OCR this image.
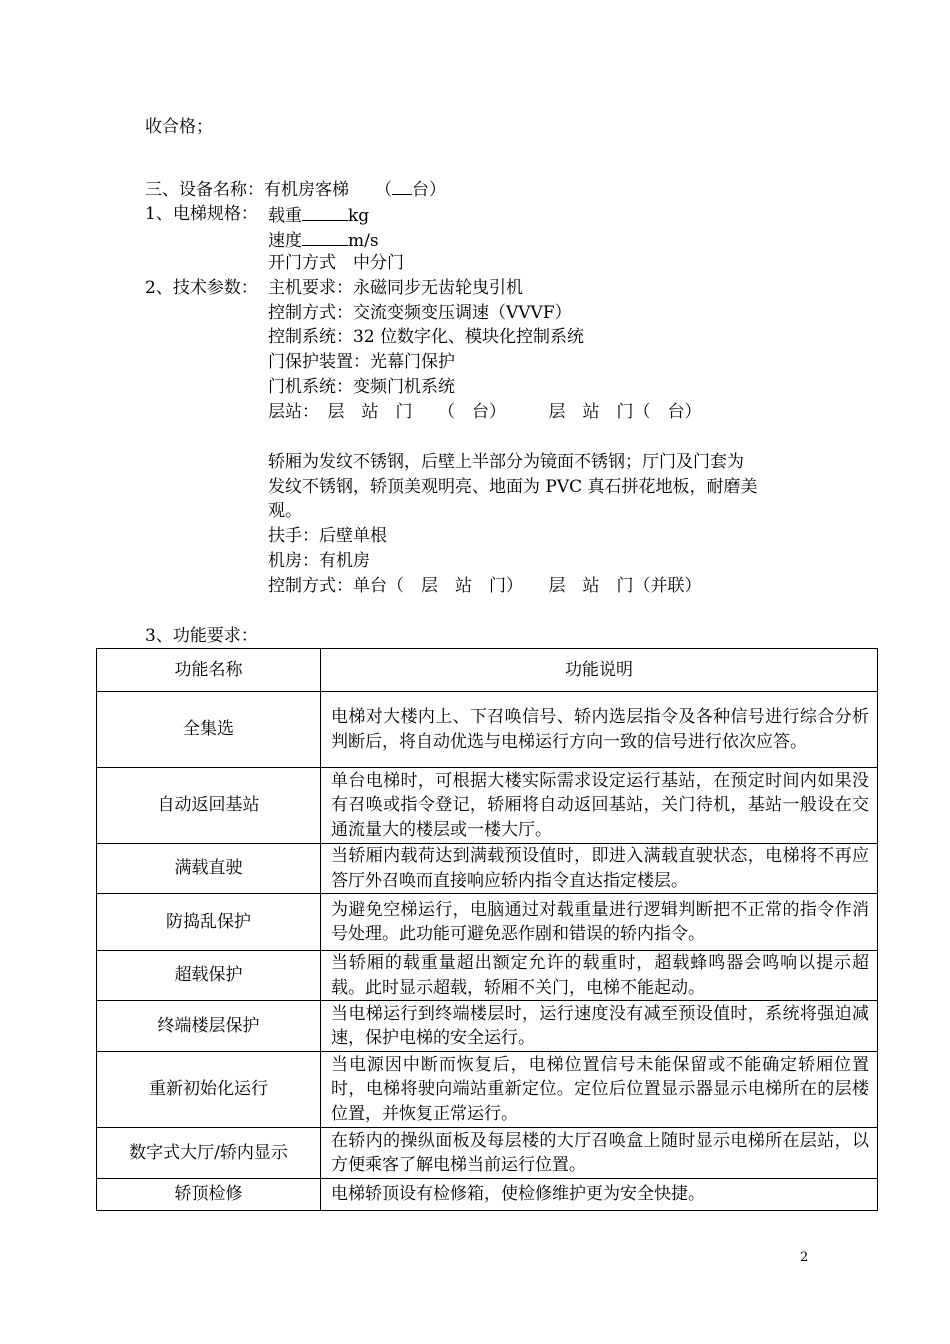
收合格；
三、设备名称：有机房客梯 （ 台）
1、电梯规格： 载重	kg
速度	m/s
开门方式　中分门
2、技术参数： 主机要求：永磁同步无齿轮曳引机
控制方式：交流变频变压调速（VVVF）
控制系统：32 位数字化、模块化控制系统
门保护装置：光幕门保护
门机系统：变频门机系统
层站：　层　站　门　　（　台）　　　层　站　门（　台）
轿厢为发纹不锈钢，后壁上半部分为镜面不锈钢；厅门及门套为
发纹不锈钢，轿顶美观明亮、地面为 PVC 真石拼花地板，耐磨美
观。
扶手：后壁单根
机房：有机房
控制方式：单台（　层　站　门）　　层　站　门（并联）
3、功能要求：
功能名称	功能说明
全集选	电梯对大楼内上、下召唤信号、轿内选层指令及各种信号进行综合分析判断后，将自动优选与电梯运行方向一致的信号进行依次应答。
自动返回基站	单台电梯时，可根据大楼实际需求设定运行基站，在预定时间内如果没有召唤或指令登记，轿厢将自动返回基站，关门待机，基站一般设在交通流量大的楼层或一楼大厅。
满载直驶	当轿厢内载荷达到满载预设值时，即进入满载直驶状态，电梯将不再应答厅外召唤而直接响应轿内指令直达指定楼层。
防捣乱保护	为避免空梯运行，电脑通过对载重量进行逻辑判断把不正常的指令作消号处理。此功能可避免恶作剧和错误的轿内指令。
超载保护	当轿厢的载重量超出额定允许的载重时，超载蜂鸣器会鸣响以提示超载。此时显示超载，轿厢不关门，电梯不能起动。
终端楼层保护	当电梯运行到终端楼层时，运行速度没有减至预设值时，系统将强迫减速，保护电梯的安全运行。
重新初始化运行	当电源因中断而恢复后，电梯位置信号未能保留或不能确定轿厢位置时，电梯将驶向端站重新定位。定位后位置显示器显示电梯所在的层楼位置，并恢复正常运行。
数字式大厅/轿内显示	在轿内的操纵面板及每层楼的大厅召唤盒上随时显示电梯所在层站，以方便乘客了解电梯当前运行位置。
轿顶检修	电梯轿顶设有检修箱，使检修维护更为安全快捷。
2
